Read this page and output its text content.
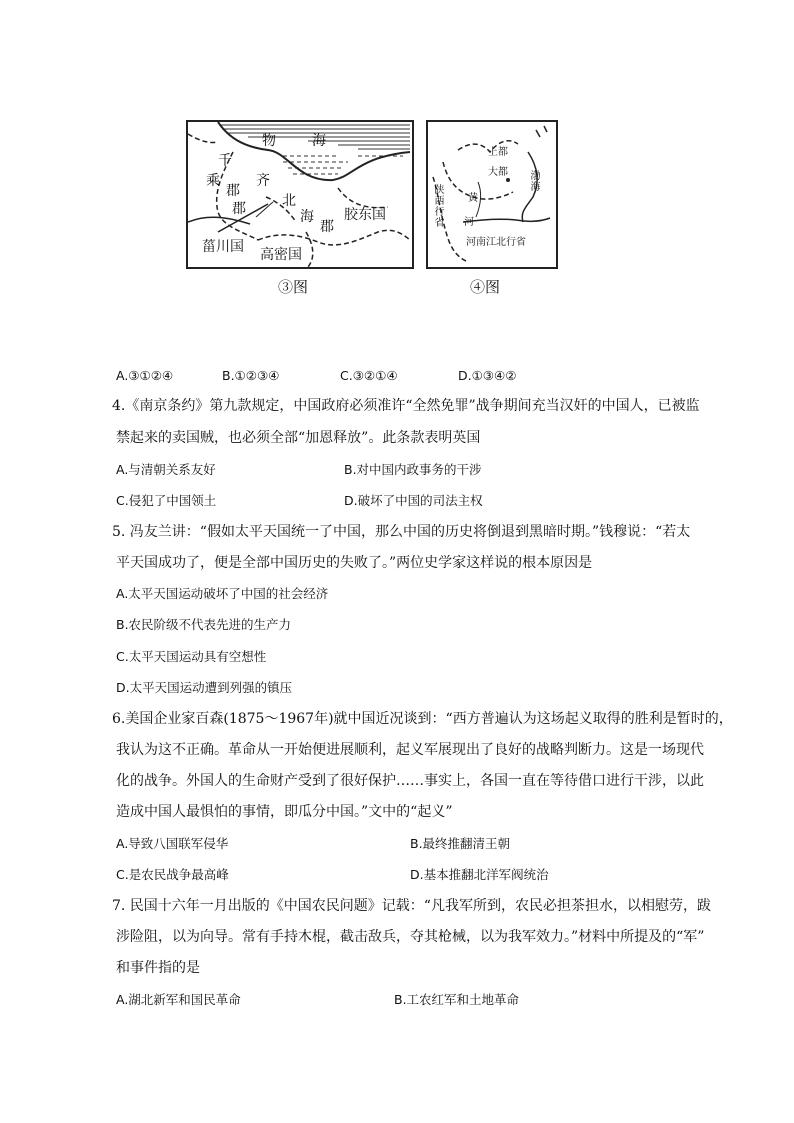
物	海
千
乘
郡
齐
郡	北
海
郡
胶东国
菑川国 高密国
③图
上都
大都
黄
渤海
陕西行省 河
河南江北行省
④图
A.③①②④	B.①②③④	C.③②①④	D.①③④②
4.《南京条约》第九款规定，中国政府必须准许“全然免罪”战争期间充当汉奸的中国人，已被监
禁起来的卖国贼，也必须全部“加恩释放”。此条款表明英国
A.与清朝关系友好	B.对中国内政事务的干涉
C.侵犯了中国领土	D.破坏了中国的司法主权
5. 冯友兰讲：“假如太平天国统一了中国，那么中国的历史将倒退到黑暗时期。”钱穆说：“若太
平天国成功了，便是全部中国历史的失败了。”两位史学家这样说的根本原因是
A.太平天国运动破坏了中国的社会经济
B.农民阶级不代表先进的生产力
C.太平天国运动具有空想性
D.太平天国运动遭到列强的镇压
6.美国企业家百森(1875～1967年)就中国近况谈到：“西方普遍认为这场起义取得的胜利是暂时的，
我认为这不正确。革命从一开始便进展顺利，起义军展现出了良好的战略判断力。这是一场现代
化的战争。外国人的生命财产受到了很好保护……事实上，各国一直在等待借口进行干涉，以此
造成中国人最惧怕的事情，即瓜分中国。”文中的“起义”
A.导致八国联军侵华	B.最终推翻清王朝
C.是农民战争最高峰	D.基本推翻北洋军阀统治
7. 民国十六年一月出版的《中国农民问题》记载：“凡我军所到，农民必担茶担水，以相慰劳，跋
涉险阻，以为向导。常有手持木棍，截击敌兵，夺其枪械，以为我军效力。”材料中所提及的“军”
和事件指的是
A.湖北新军和国民革命	B.工农红军和土地革命
